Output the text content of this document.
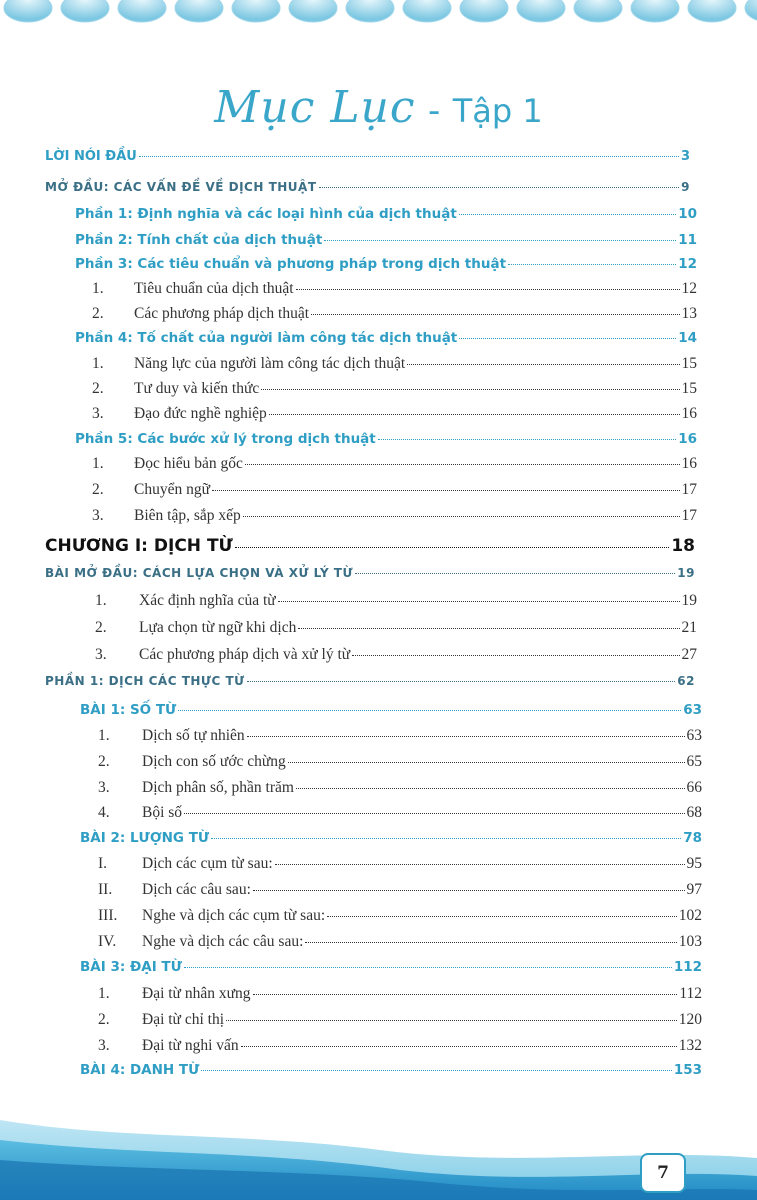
Mục Lục - Tập 1
LỜI NÓI ĐẦU	3
MỞ ĐẦU: CÁC VẤN ĐỀ VỀ DỊCH THUẬT	9
Phần 1: Định nghĩa và các loại hình của dịch thuật	10
Phần 2: Tính chất của dịch thuật	11
Phần 3: Các tiêu chuẩn và phương pháp trong dịch thuật	12
1.	Tiêu chuẩn của dịch thuật	12
2.	Các phương pháp dịch thuật	13
Phần 4: Tố chất của người làm công tác dịch thuật	14
1.	Năng lực của người làm công tác dịch thuật	15
2.	Tư duy và kiến thức	15
3.	Đạo đức nghề nghiệp	16
Phần 5: Các bước xử lý trong dịch thuật	16
1.	Đọc hiểu bản gốc	16
2.	Chuyển ngữ	17
3.	Biên tập, sắp xếp	17
CHƯƠNG I: DỊCH TỪ	18
BÀI MỞ ĐẦU: CÁCH LỰA CHỌN VÀ XỬ LÝ TỪ	19
1.	Xác định nghĩa của từ	19
2.	Lựa chọn từ ngữ khi dịch	21
3.	Các phương pháp dịch và xử lý từ	27
PHẦN 1: DỊCH CÁC THỰC TỪ	62
BÀI 1: SỐ TỪ	63
1.	Dịch số tự nhiên	63
2.	Dịch con số ước chừng	65
3.	Dịch phân số, phần trăm	66
4.	Bội số	68
BÀI 2: LƯỢNG TỪ	78
I.	Dịch các cụm từ sau:	95
II.	Dịch các câu sau:	97
III.	Nghe và dịch các cụm từ sau:	102
IV.	Nghe và dịch các câu sau:	103
BÀI 3: ĐẠI TỪ	112
1.	Đại từ nhân xưng	112
2.	Đại từ chỉ thị	120
3.	Đại từ nghi vấn	132
BÀI 4: DANH TỪ	153
7
